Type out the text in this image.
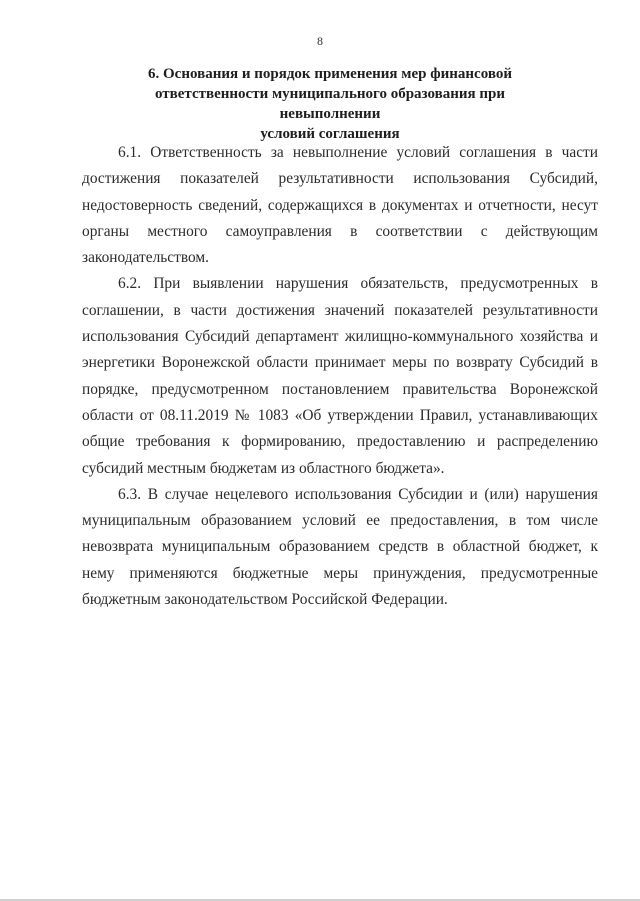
8
6. Основания и порядок применения мер финансовой
ответственности муниципального образования при невыполнении
условий соглашения
6.1. Ответственность за невыполнение условий соглашения в части
достижения показателей результативности использования Субсидий,
недостоверность сведений, содержащихся в документах и отчетности, несут
органы местного самоуправления в соответствии с действующим
законодательством.
6.2. При выявлении нарушения обязательств, предусмотренных в
соглашении, в части достижения значений показателей результативности
использования Субсидий департамент жилищно-коммунального хозяйства и
энергетики Воронежской области принимает меры по возврату Субсидий в
порядке, предусмотренном постановлением правительства Воронежской
области от 08.11.2019 № 1083 «Об утверждении Правил, устанавливающих
общие требования к формированию, предоставлению и распределению
субсидий местным бюджетам из областного бюджета».
6.3. В случае нецелевого использования Субсидии и (или) нарушения
муниципальным образованием условий ее предоставления, в том числе
невозврата муниципальным образованием средств в областной бюджет, к
нему применяются бюджетные меры принуждения, предусмотренные
бюджетным законодательством Российской Федерации.
